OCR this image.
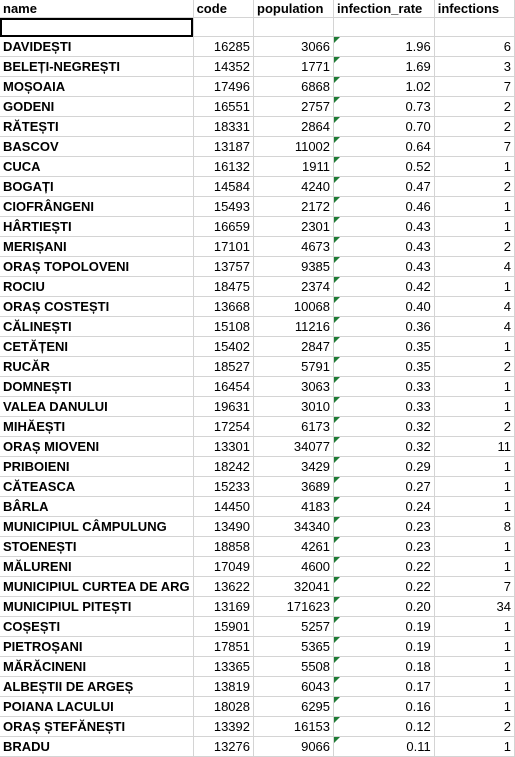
name	code	population	infection_rate	infections

DAVIDEȘTI	16285	3066	1.96	6
BELEȚI-NEGREȘTI	14352	1771	1.69	3
MOȘOAIA	17496	6868	1.02	7
GODENI	16551	2757	0.73	2
RĂTEȘTI	18331	2864	0.70	2
BASCOV	13187	11002	0.64	7
CUCA	16132	1911	0.52	1
BOGAȚI	14584	4240	0.47	2
CIOFRÂNGENI	15493	2172	0.46	1
HÂRTIEȘTI	16659	2301	0.43	1
MERIȘANI	17101	4673	0.43	2
ORAȘ TOPOLOVENI	13757	9385	0.43	4
ROCIU	18475	2374	0.42	1
ORAȘ COSTEȘTI	13668	10068	0.40	4
CĂLINEȘTI	15108	11216	0.36	4
CETĂȚENI	15402	2847	0.35	1
RUCĂR	18527	5791	0.35	2
DOMNEȘTI	16454	3063	0.33	1
VALEA DANULUI	19631	3010	0.33	1
MIHĂEȘTI	17254	6173	0.32	2
ORAȘ MIOVENI	13301	34077	0.32	11
PRIBOIENI	18242	3429	0.29	1
CĂTEASCA	15233	3689	0.27	1
BÂRLA	14450	4183	0.24	1
MUNICIPIUL CÂMPULUNG	13490	34340	0.23	8
STOENEȘTI	18858	4261	0.23	1
MĂLURENI	17049	4600	0.22	1
MUNICIPIUL CURTEA DE ARG	13622	32041	0.22	7
MUNICIPIUL PITEȘTI	13169	171623	0.20	34
COȘEȘTI	15901	5257	0.19	1
PIETROȘANI	17851	5365	0.19	1
MĂRĂCINENI	13365	5508	0.18	1
ALBEȘTII DE ARGEȘ	13819	6043	0.17	1
POIANA LACULUI	18028	6295	0.16	1
ORAȘ ȘTEFĂNEȘTI	13392	16153	0.12	2
BRADU	13276	9066	0.11	1
